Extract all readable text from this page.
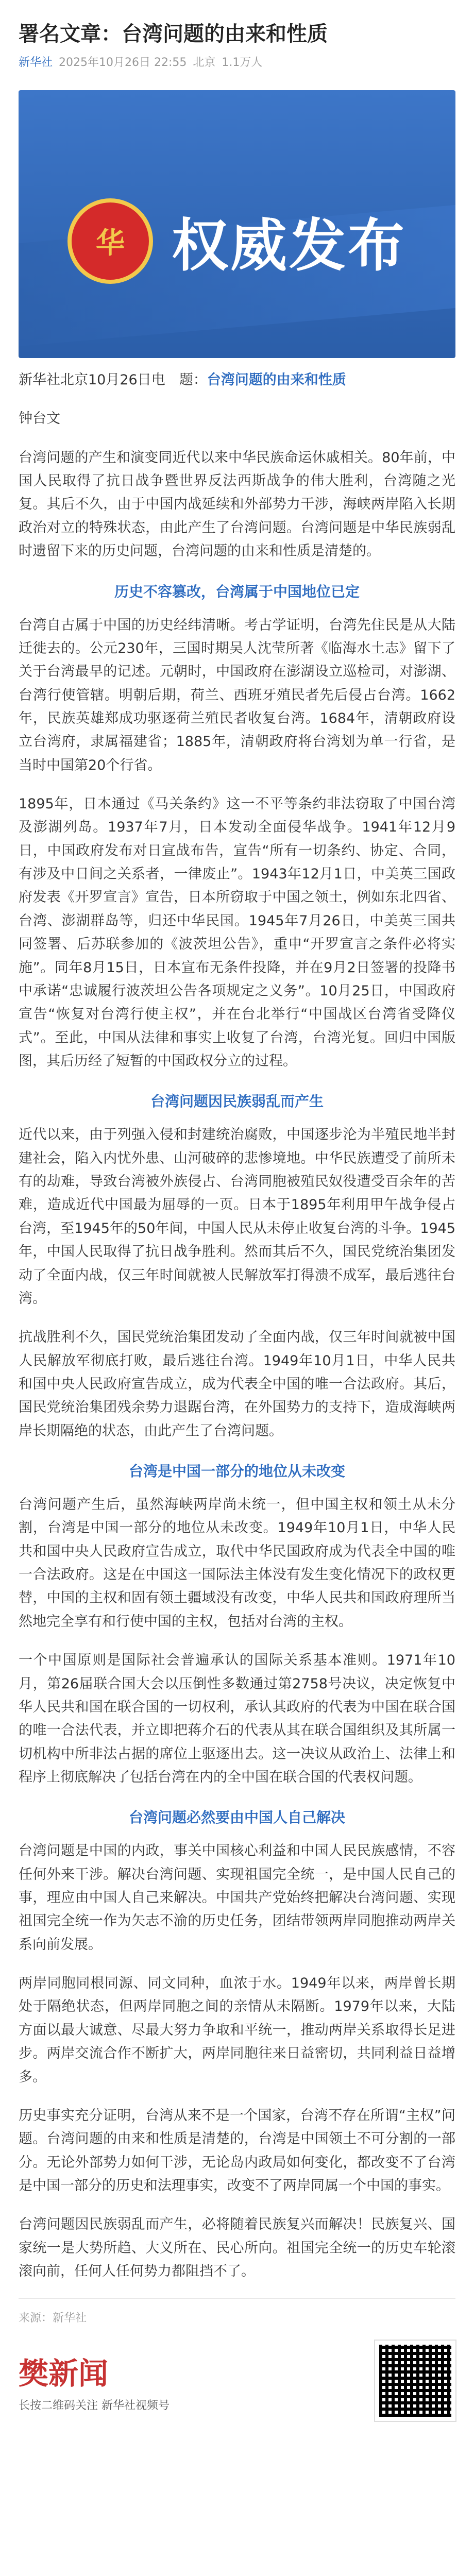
署名文章：台湾问题的由来和性质
新华社 2025年10月26日 22:55 北京 1.1万人
华 权威发布

新华社北京10月26日电　题：台湾问题的由来和性质

钟台文

台湾问题的产生和演变同近代以来中华民族命运休戚相关。80年前，中国人民取得了抗日战争暨世界反法西斯战争的伟大胜利，台湾随之光复。其后不久，由于中国内战延续和外部势力干涉，海峡两岸陷入长期政治对立的特殊状态，由此产生了台湾问题。台湾问题是中华民族弱乱时遗留下来的历史问题，台湾问题的由来和性质是清楚的。

历史不容篡改，台湾属于中国地位已定

台湾自古属于中国的历史经纬清晰。考古学证明，台湾先住民是从大陆迁徙去的。公元230年，三国时期吴人沈莹所著《临海水土志》留下了关于台湾最早的记述。元朝时，中国政府在澎湖设立巡检司，对澎湖、台湾行使管辖。明朝后期，荷兰、西班牙殖民者先后侵占台湾。1662年，民族英雄郑成功驱逐荷兰殖民者收复台湾。1684年，清朝政府设立台湾府，隶属福建省；1885年，清朝政府将台湾划为单一行省，是当时中国第20个行省。

1895年，日本通过《马关条约》这一不平等条约非法窃取了中国台湾及澎湖列岛。1937年7月，日本发动全面侵华战争。1941年12月9日，中国政府发布对日宣战布告，宣告“所有一切条约、协定、合同，有涉及中日间之关系者，一律废止”。1943年12月1日，中美英三国政府发表《开罗宣言》宣告，日本所窃取于中国之领土，例如东北四省、台湾、澎湖群岛等，归还中华民国。1945年7月26日，中美英三国共同签署、后苏联参加的《波茨坦公告》，重申“开罗宣言之条件必将实施”。同年8月15日，日本宣布无条件投降，并在9月2日签署的投降书中承诺“忠诚履行波茨坦公告各项规定之义务”。10月25日，中国政府宣告“恢复对台湾行使主权”，并在台北举行“中国战区台湾省受降仪式”。至此，中国从法律和事实上收复了台湾，台湾光复。回归中国版图，其后历经了短暂的中国政权分立的过程。

台湾问题因民族弱乱而产生

近代以来，由于列强入侵和封建统治腐败，中国逐步沦为半殖民地半封建社会，陷入内忧外患、山河破碎的悲惨境地。中华民族遭受了前所未有的劫难，导致台湾被外族侵占、台湾同胞被殖民奴役遭受百余年的苦难，造成近代中国最为屈辱的一页。日本于1895年利用甲午战争侵占台湾，至1945年的50年间，中国人民从未停止收复台湾的斗争。1945年，中国人民取得了抗日战争胜利。然而其后不久，国民党统治集团发动了全面内战，仅三年时间就被人民解放军打得溃不成军，最后逃往台湾。

抗战胜利不久，国民党统治集团发动了全面内战，仅三年时间就被中国人民解放军彻底打败，最后逃往台湾。1949年10月1日，中华人民共和国中央人民政府宣告成立，成为代表全中国的唯一合法政府。其后，国民党统治集团残余势力退踞台湾，在外国势力的支持下，造成海峡两岸长期隔绝的状态，由此产生了台湾问题。

台湾是中国一部分的地位从未改变

台湾问题产生后，虽然海峡两岸尚未统一，但中国主权和领土从未分割，台湾是中国一部分的地位从未改变。1949年10月1日，中华人民共和国中央人民政府宣告成立，取代中华民国政府成为代表全中国的唯一合法政府。这是在中国这一国际法主体没有发生变化情况下的政权更替，中国的主权和固有领土疆域没有改变，中华人民共和国政府理所当然地完全享有和行使中国的主权，包括对台湾的主权。

一个中国原则是国际社会普遍承认的国际关系基本准则。1971年10月，第26届联合国大会以压倒性多数通过第2758号决议，决定恢复中华人民共和国在联合国的一切权利，承认其政府的代表为中国在联合国的唯一合法代表，并立即把蒋介石的代表从其在联合国组织及其所属一切机构中所非法占据的席位上驱逐出去。这一决议从政治上、法律上和程序上彻底解决了包括台湾在内的全中国在联合国的代表权问题。

台湾问题必然要由中国人自己解决

台湾问题是中国的内政，事关中国核心利益和中国人民民族感情，不容任何外来干涉。解决台湾问题、实现祖国完全统一，是中国人民自己的事，理应由中国人自己来解决。中国共产党始终把解决台湾问题、实现祖国完全统一作为矢志不渝的历史任务，团结带领两岸同胞推动两岸关系向前发展。

两岸同胞同根同源、同文同种，血浓于水。1949年以来，两岸曾长期处于隔绝状态，但两岸同胞之间的亲情从未隔断。1979年以来，大陆方面以最大诚意、尽最大努力争取和平统一，推动两岸关系取得长足进步。两岸交流合作不断扩大，两岸同胞往来日益密切，共同利益日益增多。

历史事实充分证明，台湾从来不是一个国家，台湾不存在所谓“主权”问题。台湾问题的由来和性质是清楚的，台湾是中国领土不可分割的一部分。无论外部势力如何干涉，无论岛内政局如何变化，都改变不了台湾是中国一部分的历史和法理事实，改变不了两岸同属一个中国的事实。

台湾问题因民族弱乱而产生，必将随着民族复兴而解决！民族复兴、国家统一是大势所趋、大义所在、民心所向。祖国完全统一的历史车轮滚滚向前，任何人任何势力都阻挡不了。

来源：新华社
樊新闻
长按二维码关注 新华社视频号
